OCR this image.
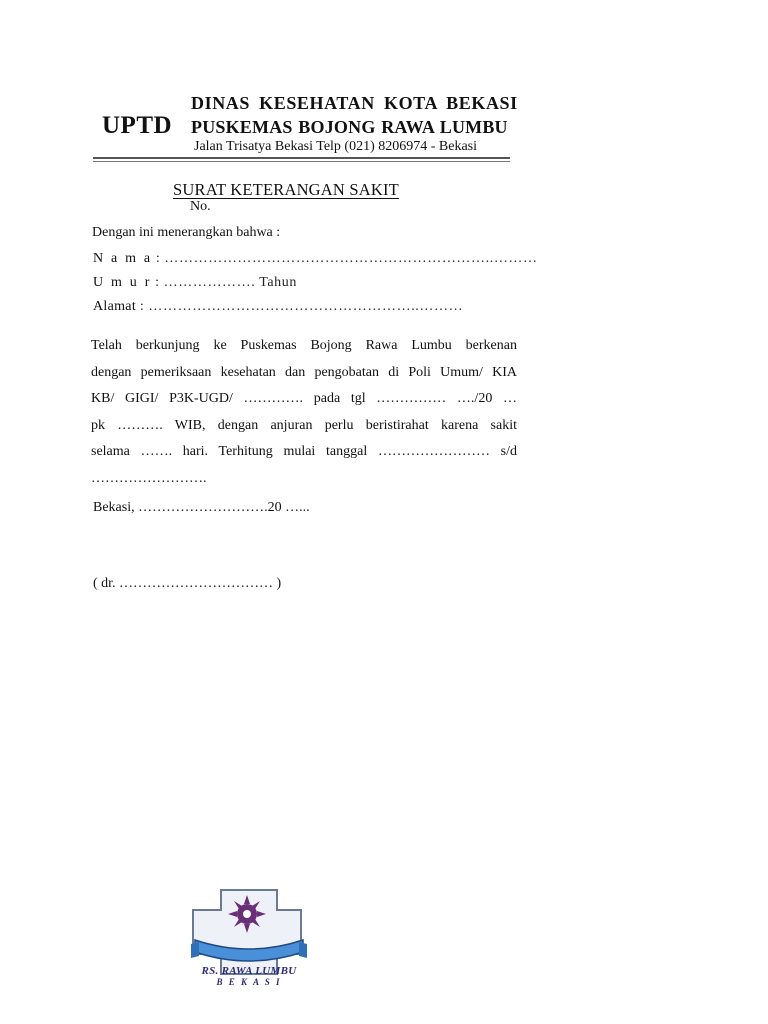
UPTD
DINAS KESEHATAN KOTA BEKASI
PUSKEMAS BOJONG RAWA LUMBU
Jalan Trisatya Bekasi Telp (021) 8206974 - Bekasi
SURAT KETERANGAN SAKIT
No.
Dengan ini menerangkan bahwa :
N a m a : …………………………………………………………..………
U m u r : ………………. Tahun
Alamat : ………………………………………………..………
Telah berkunjung ke Puskemas Bojong Rawa Lumbu berkenan
dengan pemeriksaan kesehatan dan pengobatan di Poli Umum/ KIA
KB/ GIGI/ P3K-UGD/ …………. pada tgl …………… …./20 …
pk ………. WIB, dengan anjuran perlu beristirahat karena sakit
selama ……. hari. Terhitung mulai tanggal …………………… s/d
…………………….
Bekasi, ……………………….20 …...
( dr. …………………………… )
RS. RAWA LUMBU
B E K A S I
